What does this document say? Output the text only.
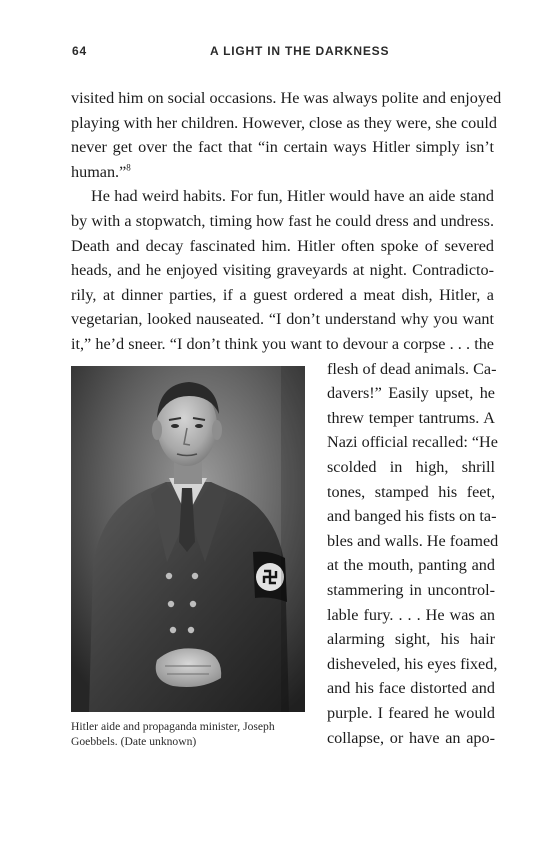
64	A LIGHT IN THE DARKNESS
visited him on social occasions. He was always polite and enjoyed
playing with her children. However, close as they were, she could
never get over the fact that “in certain ways Hitler simply isn’t
human.”$^8$
He had weird habits. For fun, Hitler would have an aide stand
by with a stopwatch, timing how fast he could dress and undress.
Death and decay fascinated him. Hitler often spoke of severed
heads, and he enjoyed visiting graveyards at night. Contradicto-
rily, at dinner parties, if a guest ordered a meat dish, Hitler, a
vegetarian, looked nauseated. “I don’t understand why you want
it,” he’d sneer. “I don’t think you want to devour a corpse . . . the
flesh of dead animals. Ca-
davers!” Easily upset, he
threw temper tantrums. A
Nazi official recalled: “He
scolded in high, shrill
tones, stamped his feet,
and banged his fists on ta-
bles and walls. He foamed
at the mouth, panting and
stammering in uncontrol-
lable fury. . . . He was an
alarming sight, his hair
disheveled, his eyes fixed,
and his face distorted and
purple. I feared he would
collapse, or have an apo-
Hitler aide and propaganda minister, Joseph
Goebbels. (Date unknown)
